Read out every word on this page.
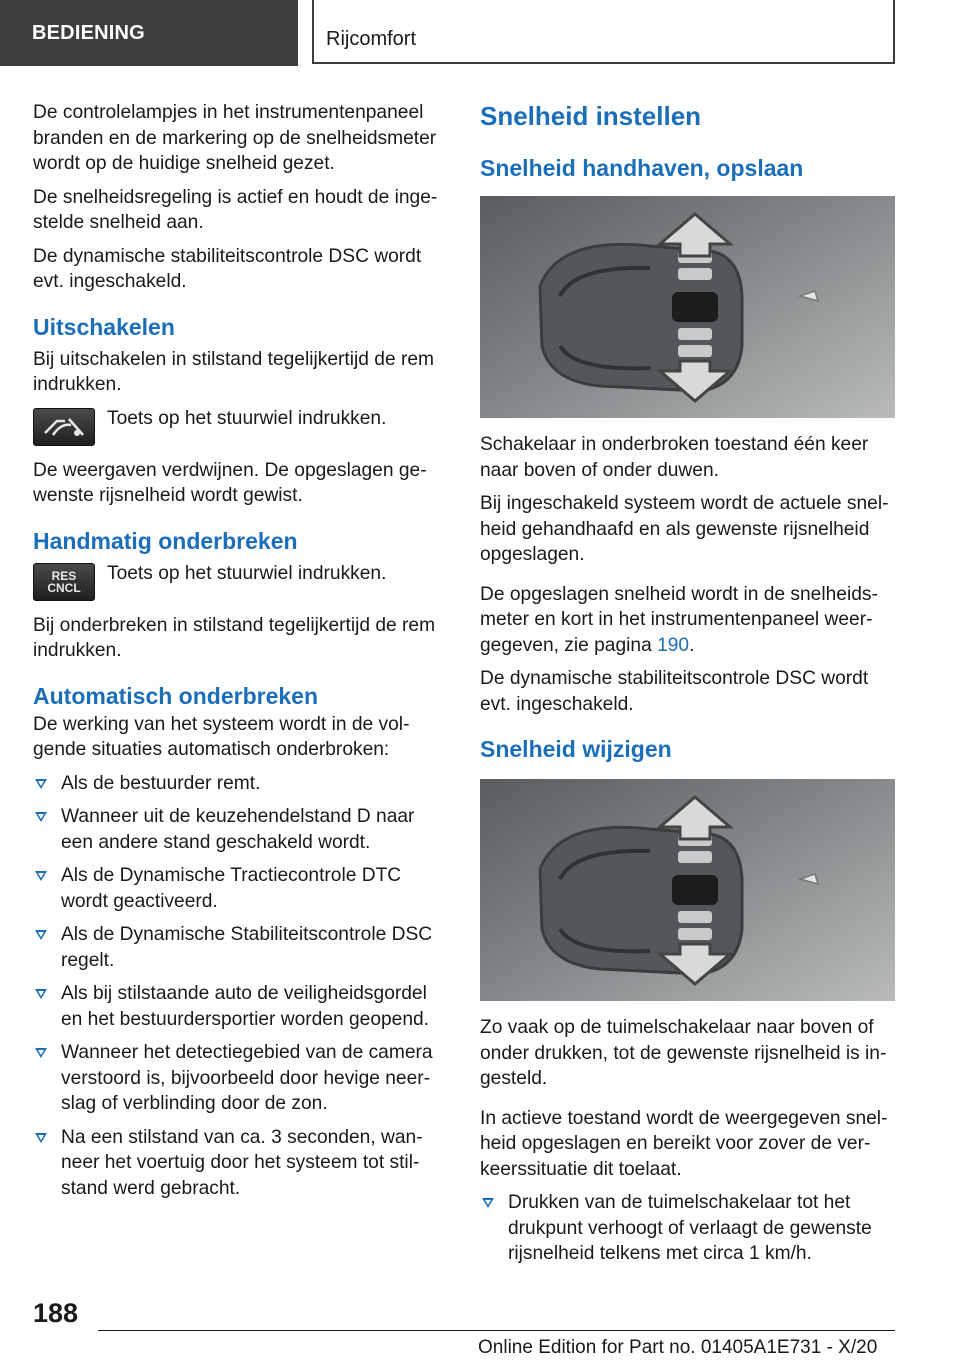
BEDIENING	Rijcomfort

De controlelampjes in het instrumentenpaneel branden en de markering op de snelheidsmeter wordt op de huidige snelheid gezet.

De snelheidsregeling is actief en houdt de ingestelde snelheid aan.

De dynamische stabiliteitscontrole DSC wordt evt. ingeschakeld.

Uitschakelen

Bij uitschakelen in stilstand tegelijkertijd de rem indrukken.

Toets op het stuurwiel indrukken.

De weergaven verdwijnen. De opgeslagen gewenste rijsnelheid wordt gewist.

Handmatig onderbreken
RES
CNCL
Toets op het stuurwiel indrukken.

Bij onderbreken in stilstand tegelijkertijd de rem indrukken.

Automatisch onderbreken

De werking van het systeem wordt in de volgende situaties automatisch onderbroken:

Als de bestuurder remt.
Wanneer uit de keuzehendelstand D naar een andere stand geschakeld wordt.
Als de Dynamische Tractiecontrole DTC wordt geactiveerd.
Als de Dynamische Stabiliteitscontrole DSC regelt.
Als bij stilstaande auto de veiligheidsgordel en het bestuurdersportier worden geopend.
Wanneer het detectiegebied van de camera verstoord is, bijvoorbeeld door hevige neerslag of verblinding door de zon.
Na een stilstand van ca. 3 seconden, wanneer het voertuig door het systeem tot stilstand werd gebracht.
Snelheid instellen
Snelheid handhaven, opslaan

Schakelaar in onderbroken toestand één keer naar boven of onder duwen.

Bij ingeschakeld systeem wordt de actuele snelheid gehandhaafd en als gewenste rijsnelheid opgeslagen.

De opgeslagen snelheid wordt in de snelheidsmeter en kort in het instrumentenpaneel weergegeven, zie pagina 190.

De dynamische stabiliteitscontrole DSC wordt evt. ingeschakeld.

Snelheid wijzigen

Zo vaak op de tuimelschakelaar naar boven of onder drukken, tot de gewenste rijsnelheid is ingesteld.

In actieve toestand wordt de weergegeven snelheid opgeslagen en bereikt voor zover de verkeerssituatie dit toelaat.

Drukken van de tuimelschakelaar tot het drukpunt verhoogt of verlaagt de gewenste rijsnelheid telkens met circa 1 km/h.
188
Online Edition for Part no. 01405A1E731 - X/20
